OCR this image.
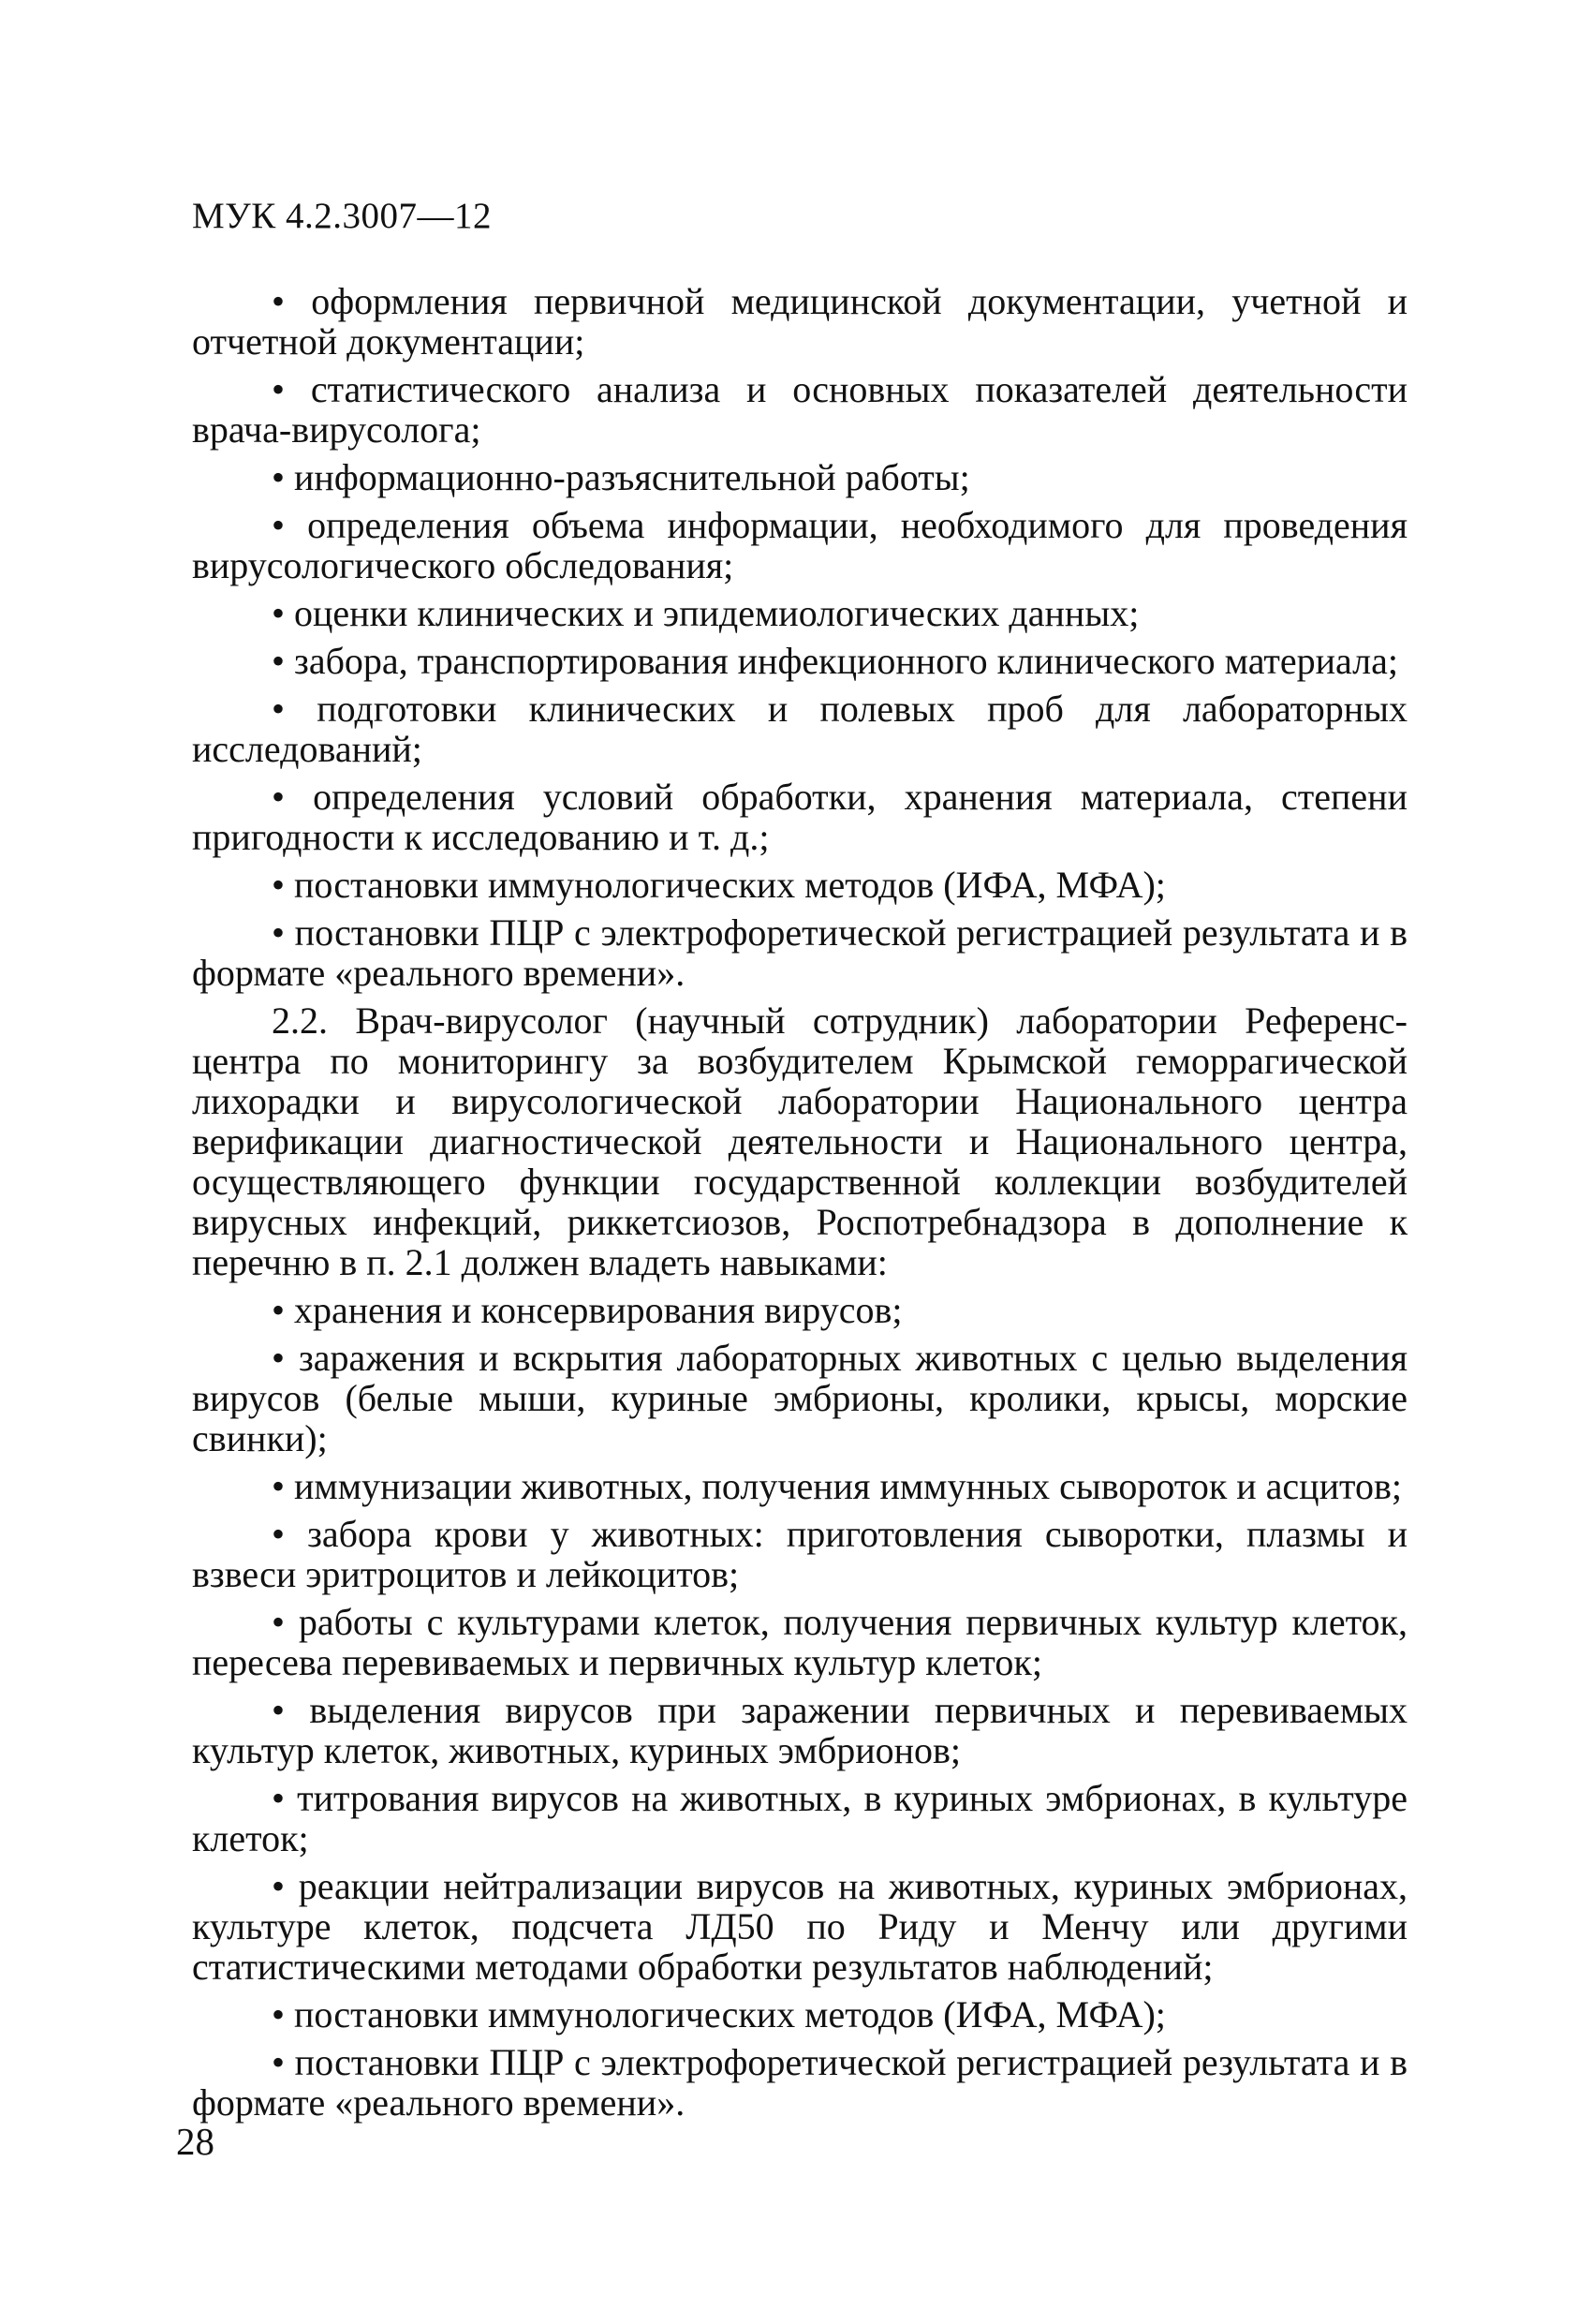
МУК 4.2.3007—12

• оформления первичной медицинской документации, учетной и отчетной документации;

• статистического анализа и основных показателей деятельности врача-вирусолога;

• информационно-разъяснительной работы;

• определения объема информации, необходимого для проведения вирусологического обследования;

• оценки клинических и эпидемиологических данных;

• забора, транспортирования инфекционного клинического материала;

• подготовки клинических и полевых проб для лабораторных исследований;

• определения условий обработки, хранения материала, степени пригодности к исследованию и т. д.;

• постановки иммунологических методов (ИФА, МФА);

• постановки ПЦР с электрофоретической регистрацией результата и в формате «реального времени».

2.2. Врач-вирусолог (научный сотрудник) лаборатории Референс-центра по мониторингу за возбудителем Крымской геморрагической лихорадки и вирусологической лаборатории Национального центра верификации диагностической деятельности и Национального центра, осуществляющего функции государственной коллекции возбудителей вирусных инфекций, риккетсиозов, Роспотребнадзора в дополнение к перечню в п. 2.1 должен владеть навыками:

• хранения и консервирования вирусов;

• заражения и вскрытия лабораторных животных с целью выделения вирусов (белые мыши, куриные эмбрионы, кролики, крысы, морские свинки);

• иммунизации животных, получения иммунных сывороток и асцитов;

• забора крови у животных: приготовления сыворотки, плазмы и взвеси эритроцитов и лейкоцитов;

• работы с культурами клеток, получения первичных культур клеток, пересева перевиваемых и первичных культур клеток;

• выделения вирусов при заражении первичных и перевиваемых культур клеток, животных, куриных эмбрионов;

• титрования вирусов на животных, в куриных эмбрионах, в культуре клеток;

• реакции нейтрализации вирусов на животных, куриных эмбрионах, культуре клеток, подсчета ЛД50 по Риду и Менчу или другими статистическими методами обработки результатов наблюдений;

• постановки иммунологических методов (ИФА, МФА);

• постановки ПЦР с электрофоретической регистрацией результата и в формате «реального времени».

28
